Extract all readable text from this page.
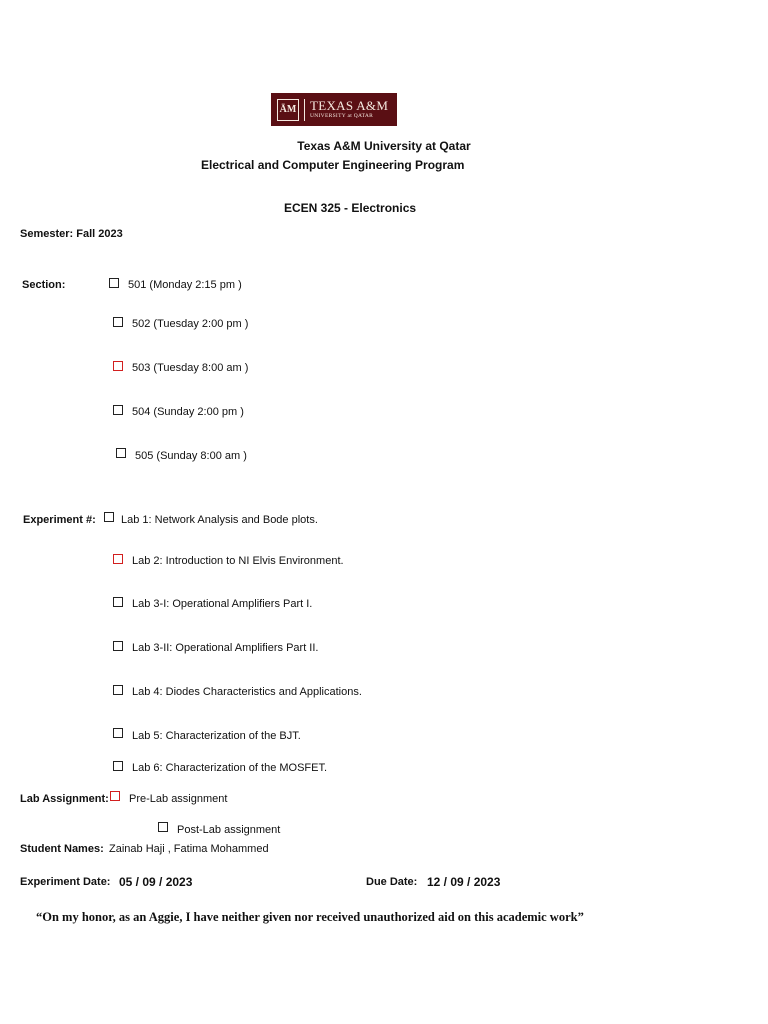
ĀM TEXAS A&M
UNIVERSITY at QATAR
Texas A&M University at Qatar
Electrical and Computer Engineering Program
ECEN 325 - Electronics
Semester: Fall 2023
Section:	501 (Monday 2:15 pm )
502 (Tuesday 2:00 pm )
503 (Tuesday 8:00 am )
504 (Sunday 2:00 pm )
505 (Sunday 8:00 am )
Experiment #: Lab 1: Network Analysis and Bode plots.
Lab 2: Introduction to NI Elvis Environment.
Lab 3-I: Operational Amplifiers Part I.
Lab 3-II: Operational Amplifiers Part II.
Lab 4: Diodes Characteristics and Applications.
Lab 5: Characterization of the BJT.
Lab 6: Characterization of the MOSFET.
Lab Assignment: Pre-Lab assignment
Post-Lab assignment
Student Names: Zainab Haji , Fatima Mohammed
Experiment Date: 05 / 09 / 2023	Due Date: 12 / 09 / 2023
“On my honor, as an Aggie, I have neither given nor received unauthorized aid on this academic work”
